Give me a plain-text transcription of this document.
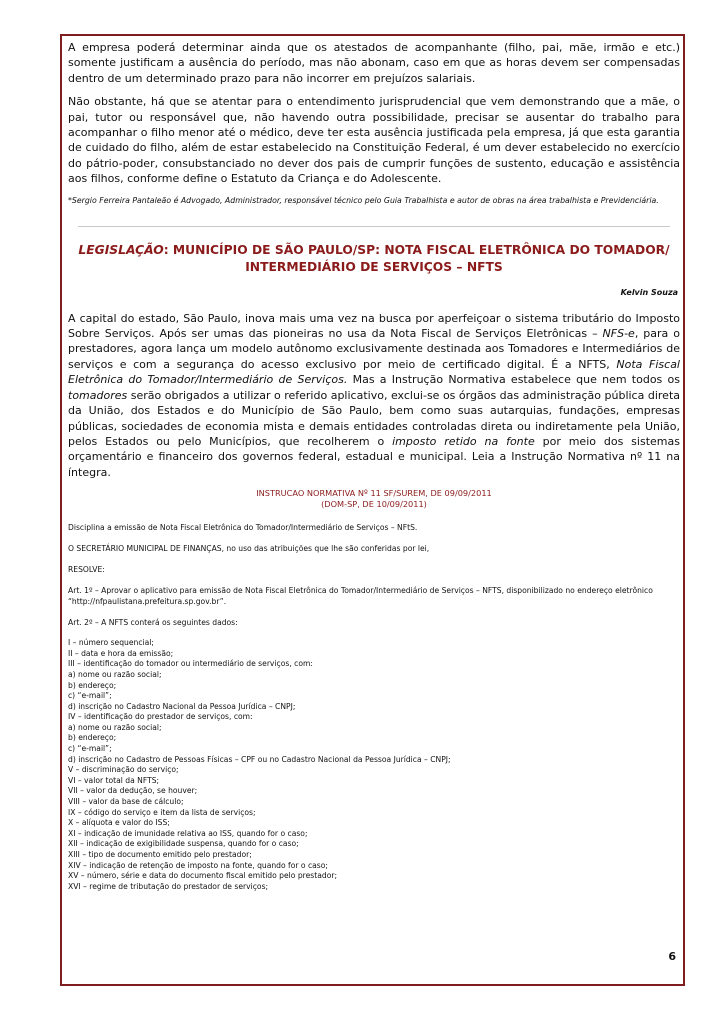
A empresa poderá determinar ainda que os atestados de acompanhante (filho, pai, mãe, irmão e etc.) somente justificam a ausência do período, mas não abonam, caso em que as horas devem ser compensadas dentro de um determinado prazo para não incorrer em prejuízos salariais.

Não obstante, há que se atentar para o entendimento jurisprudencial que vem demonstrando que a mãe, o pai, tutor ou responsável que, não havendo outra possibilidade, precisar se ausentar do trabalho para acompanhar o filho menor até o médico, deve ter esta ausência justificada pela empresa, já que esta garantia de cuidado do filho, além de estar estabelecido na Constituição Federal, é um dever estabelecido no exercício do pátrio-poder, consubstanciado no dever dos pais de cumprir funções de sustento, educação e assistência aos filhos, conforme define o Estatuto da Criança e do Adolescente.

*Sergio Ferreira Pantaleão é Advogado, Administrador, responsável técnico pelo Guia Trabalhista e autor de obras na área trabalhista e Previdenciária.

LEGISLAÇÃO: MUNICÍPIO DE SÃO PAULO/SP: NOTA FISCAL ELETRÔNICA DO TOMADOR/ INTERMEDIÁRIO DE SERVIÇOS – NFTS
Kelvin Souza

A capital do estado, São Paulo, inova mais uma vez na busca por aperfeiçoar o sistema tributário do Imposto Sobre Serviços. Após ser umas das pioneiras no usa da Nota Fiscal de Serviços Eletrônicas – NFS-e, para o prestadores, agora lança um modelo autônomo exclusivamente destinada aos Tomadores e Intermediários de serviços e com a segurança do acesso exclusivo por meio de certificado digital. É a NFTS, Nota Fiscal Eletrônica do Tomador/Intermediário de Serviços. Mas a Instrução Normativa estabelece que nem todos os tomadores serão obrigados a utilizar o referido aplicativo, exclui-se os órgãos das administração pública direta da União, dos Estados e do Município de São Paulo, bem como suas autarquias, fundações, empresas públicas, sociedades de economia mista e demais entidades controladas direta ou indiretamente pela União, pelos Estados ou pelo Municípios, que recolherem o imposto retido na fonte por meio dos sistemas orçamentário e financeiro dos governos federal, estadual e municipal. Leia a Instrução Normativa nº 11 na íntegra.

INSTRUCAO NORMATIVA Nº 11 SF/SUREM, DE 09/09/2011
(DOM-SP, DE 10/09/2011)

Disciplina a emissão de Nota Fiscal Eletrônica do Tomador/Intermediário de Serviços – NFtS.

O SECRETÁRIO MUNICIPAL DE FINANÇAS, no uso das atribuições que lhe são conferidas por lei,

RESOLVE:

Art. 1º – Aprovar o aplicativo para emissão de Nota Fiscal Eletrônica do Tomador/Intermediário de Serviços – NFTS, disponibilizado no endereço eletrônico “http://nfpaulistana.prefeitura.sp.gov.br”.

Art. 2º – A NFTS conterá os seguintes dados:

I – número sequencial;
II – data e hora da emissão;
III – identificação do tomador ou intermediário de serviços, com:
a) nome ou razão social;
b) endereço;
c) “e-mail”;
d) inscrição no Cadastro Nacional da Pessoa Jurídica – CNPJ;
IV – identificação do prestador de serviços, com:
a) nome ou razão social;
b) endereço;
c) “e-mail”;
d) inscrição no Cadastro de Pessoas Físicas – CPF ou no Cadastro Nacional da Pessoa Jurídica – CNPJ;
V – discriminação do serviço;
VI – valor total da NFTS;
VII – valor da dedução, se houver;
VIII – valor da base de cálculo;
IX – código do serviço e item da lista de serviços;
X – alíquota e valor do ISS;
XI – indicação de imunidade relativa ao ISS, quando for o caso;
XII – indicação de exigibilidade suspensa, quando for o caso;
XIII – tipo de documento emitido pelo prestador;
XIV – indicação de retenção de imposto na fonte, quando for o caso;
XV – número, série e data do documento fiscal emitido pelo prestador;
XVI – regime de tributação do prestador de serviços;
6
